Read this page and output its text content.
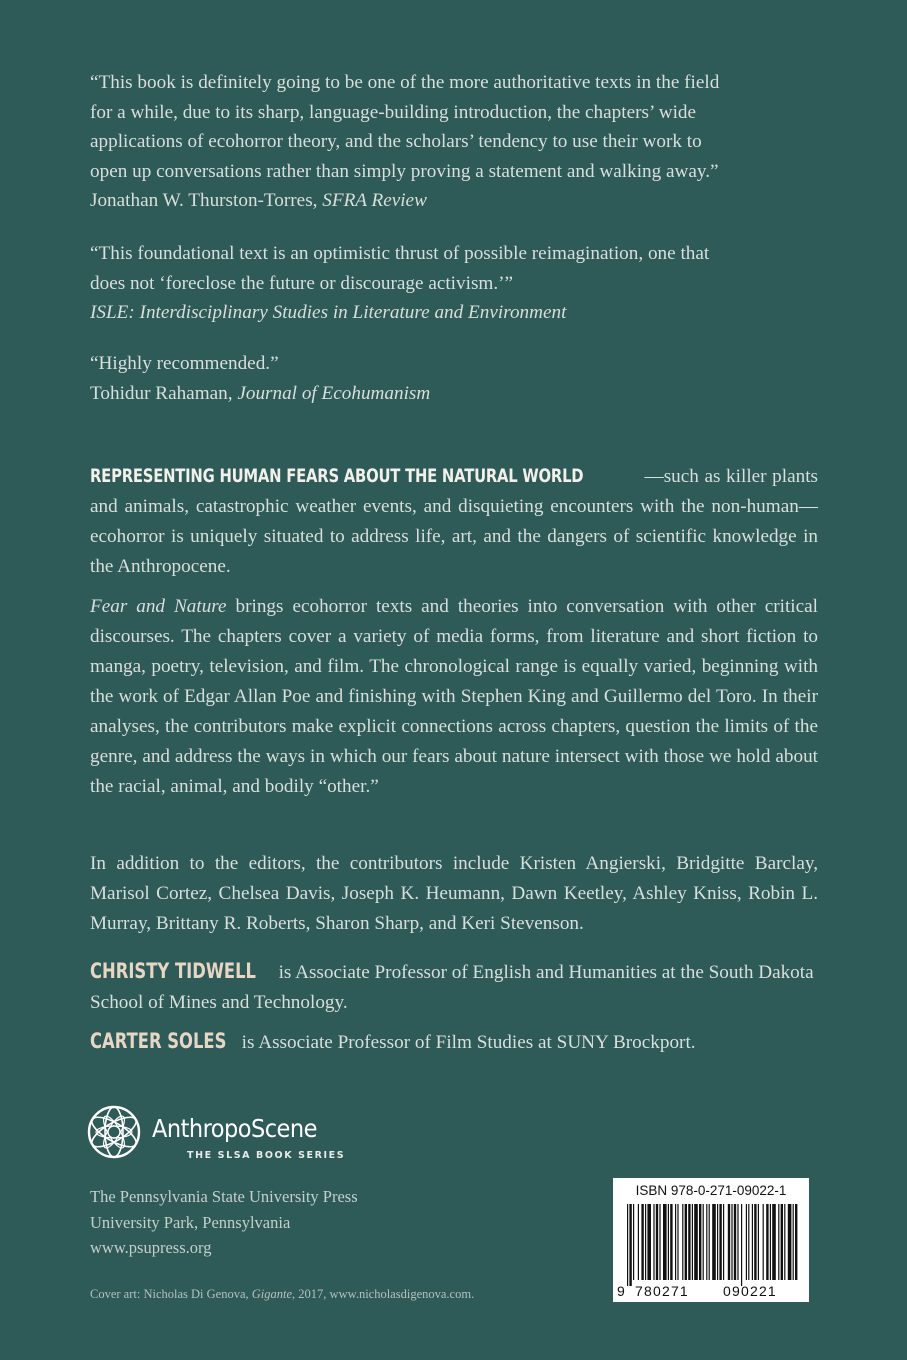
“This book is definitely going to be one of the more authoritative texts in the field
for a while, due to its sharp, language-building introduction, the chapters’ wide
applications of ecohorror theory, and the scholars’ tendency to use their work to
open up conversations rather than simply proving a statement and walking away.”
Jonathan W. Thurston-Torres, SFRA Review
“This foundational text is an optimistic thrust of possible reimagination, one that
does not ‘foreclose the future or discourage activism.’”
ISLE: Interdisciplinary Studies in Literature and Environment
“Highly recommended.”
Tohidur Rahaman, Journal of Ecohumanism
REPRESENTING HUMAN FEARS ABOUT THE NATURAL WORLD	—such as killer plants and animals, catastrophic weather events, and disquieting encounters with the non-human—ecohorror is uniquely situated to address life, art, and the dangers of scientific knowledge in the Anthropocene.
Fear and Nature brings ecohorror texts and theories into conversation with other critical discourses. The chapters cover a variety of media forms, from literature and short fiction to manga, poetry, television, and film. The chronological range is equally varied, beginning with the work of Edgar Allan Poe and finishing with Stephen King and Guillermo del Toro. In their analyses, the contributors make explicit connections across chapters, question the limits of the genre, and address the ways in which our fears about nature intersect with those we hold about the racial, animal, and bodily “other.”
In addition to the editors, the contributors include Kristen Angierski, Bridgitte Barclay, Marisol Cortez, Chelsea Davis, Joseph K. Heumann, Dawn Keetley, Ashley Kniss, Robin L. Murray, Brittany R. Roberts, Sharon Sharp, and Keri Stevenson.
CHRISTY TIDWELL is Associate Professor of English and Humanities at the South Dakota School of Mines and Technology.
CARTER SOLES is Associate Professor of Film Studies at SUNY Brockport.
AnthropoScene
THE SLSA BOOK SERIES
The Pennsylvania State University Press
University Park, Pennsylvania
www.psupress.org
Cover art: Nicholas Di Genova, Gigante, 2017, www.nicholasdigenova.com.
ISBN 978-0-271-09022-1
9 780271 090221
